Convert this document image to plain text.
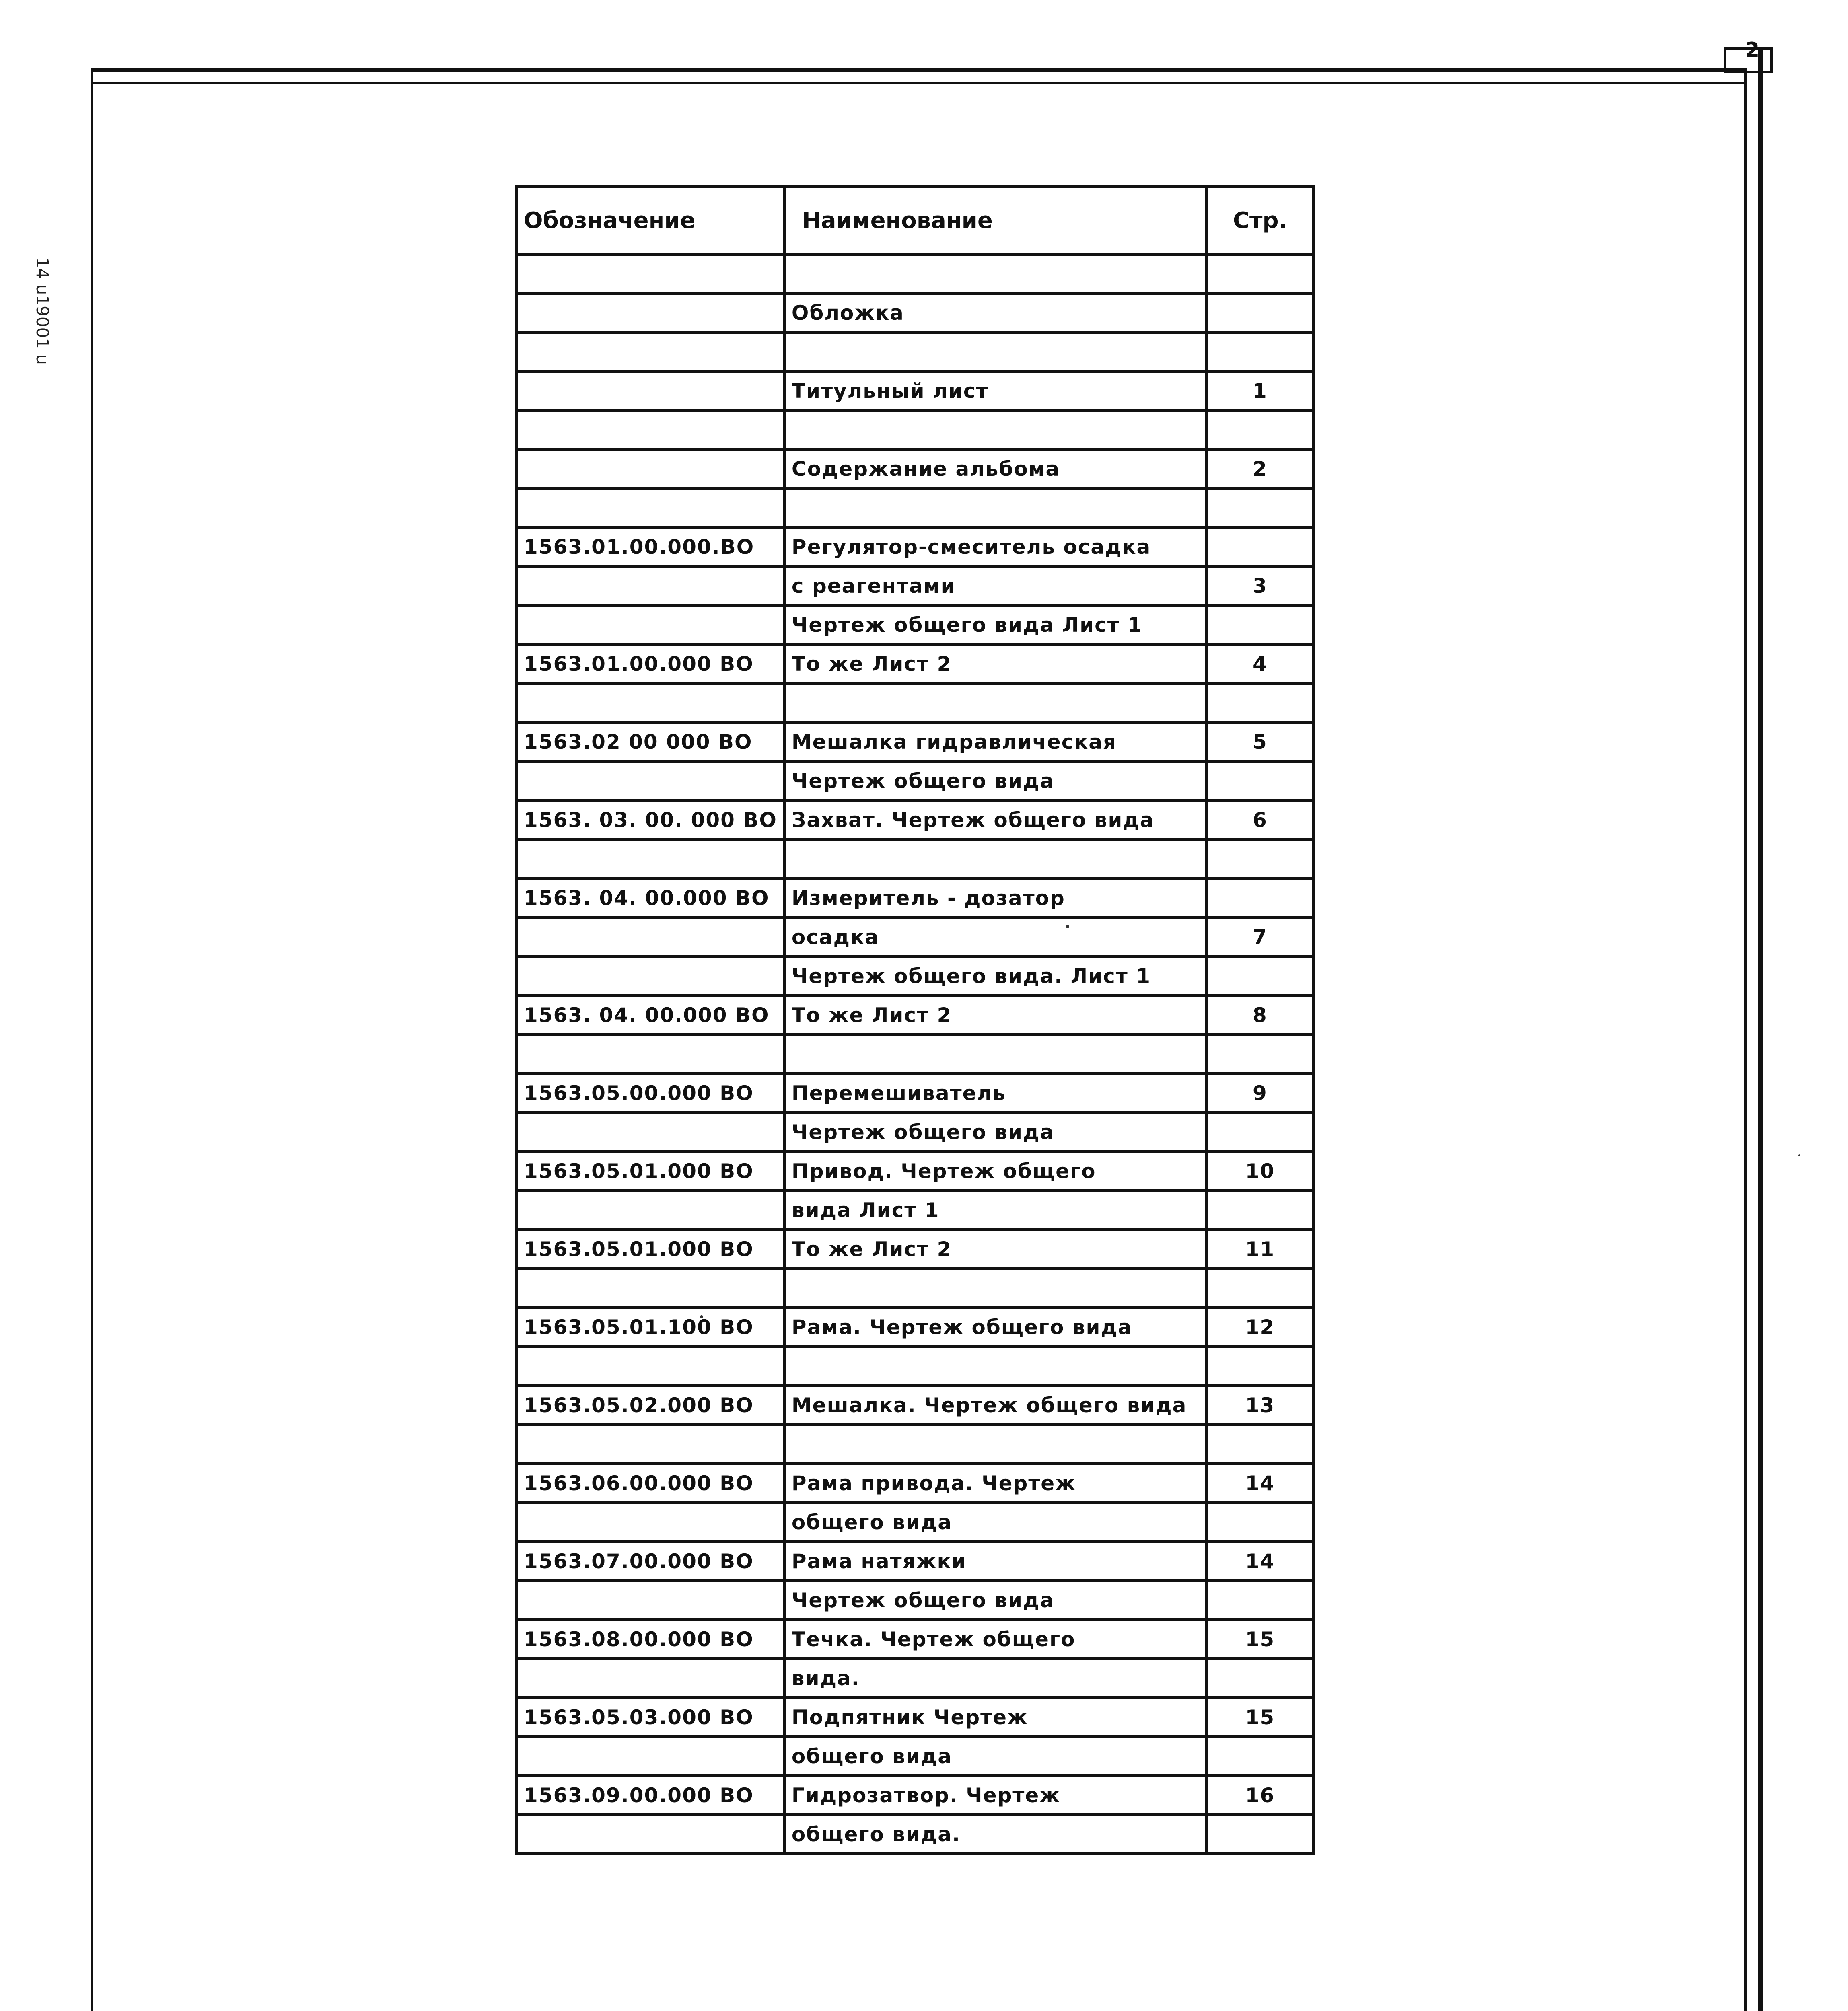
2
14 u19001 u
Обозначение	Наименование	Стр.

	Обложка	

	Титульный лист	1

	Содержание альбома	2

1563.01.00.000.ВО	Регулятор-смеситель осадка	
	с реагентами	3
	Чертеж общего вида Лист 1	
1563.01.00.000 ВО	То же Лист 2	4

1563.02 00 000 ВО	Мешалка гидравлическая	5
	Чертеж общего вида	
1563. 03. 00. 000 ВО	Захват. Чертеж общего вида	6

1563. 04. 00.000 ВО	Измеритель - дозатор	
	осадка	7
	Чертеж общего вида. Лист 1	
1563. 04. 00.000 ВО	То же Лист 2	8

1563.05.00.000 ВО	Перемешиватель	9
	Чертеж общего вида	
1563.05.01.000 ВО	Привод. Чертеж общего	10
	вида Лист 1	
1563.05.01.000 ВО	То же Лист 2	11

1563.05.01.100 ВО	Рама. Чертеж общего вида	12

1563.05.02.000 ВО	Мешалка. Чертеж общего вида	13

1563.06.00.000 ВО	Рама привода. Чертеж	14
	общего вида	
1563.07.00.000 ВО	Рама натяжки	14
	Чертеж общего вида	
1563.08.00.000 ВО	Течка. Чертеж общего	15
	вида.	
1563.05.03.000 ВО	Подпятник Чертеж	15
	общего вида	
1563.09.00.000 ВО	Гидрозатвор. Чертеж	16
	общего вида.	
